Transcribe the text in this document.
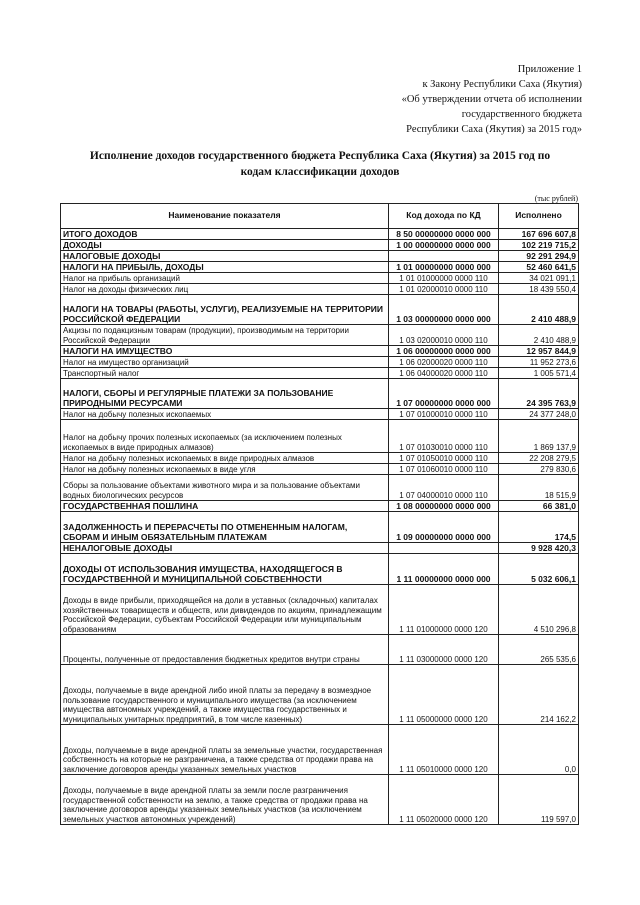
Приложение 1
к Закону Республики Саха (Якутия)
«Об утверждении отчета об исполнении
государственного бюджета
Республики Саха (Якутия) за 2015 год»
Исполнение доходов государственного бюджета Республика Саха (Якутия) за 2015 год по
кодам классификации доходов
(тыс рублей)
Наименование показателя	Код дохода по КД	Исполнено
ИТОГО ДОХОДОВ	8 50 00000000 0000 000	167 696 607,8
ДОХОДЫ	1 00 00000000 0000 000	102 219 715,2
НАЛОГОВЫЕ ДОХОДЫ		92 291 294,9
НАЛОГИ НА ПРИБЫЛЬ, ДОХОДЫ	1 01 00000000 0000 000	52 460 641,5
Налог на прибыль организаций	1 01 01000000 0000 110	34 021 091,1
Налог на доходы физических лиц	1 01 02000010 0000 110	18 439 550,4
НАЛОГИ НА ТОВАРЫ (РАБОТЫ, УСЛУГИ), РЕАЛИЗУЕМЫЕ НА ТЕРРИТОРИИ РОССИЙСКОЙ ФЕДЕРАЦИИ	1 03 00000000 0000 000	2 410 488,9
Акцизы по подакцизным товарам (продукции), производимым на территории Российской Федерации	1 03 02000010 0000 110	2 410 488,9
НАЛОГИ НА ИМУЩЕСТВО	1 06 00000000 0000 000	12 957 844,9
Налог на имущество организаций	1 06 02000020 0000 110	11 952 273,6
Транспортный налог	1 06 04000020 0000 110	1 005 571,4
НАЛОГИ, СБОРЫ И РЕГУЛЯРНЫЕ ПЛАТЕЖИ ЗА ПОЛЬЗОВАНИЕ ПРИРОДНЫМИ РЕСУРСАМИ	1 07 00000000 0000 000	24 395 763,9
Налог на добычу полезных ископаемых	1 07 01000010 0000 110	24 377 248,0
Налог на добычу прочих полезных ископаемых (за исключением полезных ископаемых в виде природных алмазов)	1 07 01030010 0000 110	1 869 137,9
Налог на добычу полезных ископаемых в виде природных алмазов	1 07 01050010 0000 110	22 208 279,5
Налог на добычу полезных ископаемых в виде угля	1 07 01060010 0000 110	279 830,6
Сборы за пользование объектами животного мира и за пользование объектами водных биологических ресурсов	1 07 04000010 0000 110	18 515,9
ГОСУДАРСТВЕННАЯ ПОШЛИНА	1 08 00000000 0000 000	66 381,0
ЗАДОЛЖЕННОСТЬ И ПЕРЕРАСЧЕТЫ ПО ОТМЕНЕННЫМ НАЛОГАМ, СБОРАМ И ИНЫМ ОБЯЗАТЕЛЬНЫМ ПЛАТЕЖАМ	1 09 00000000 0000 000	174,5
НЕНАЛОГОВЫЕ ДОХОДЫ		9 928 420,3
ДОХОДЫ ОТ ИСПОЛЬЗОВАНИЯ ИМУЩЕСТВА, НАХОДЯЩЕГОСЯ В ГОСУДАРСТВЕННОЙ И МУНИЦИПАЛЬНОЙ СОБСТВЕННОСТИ	1 11 00000000 0000 000	5 032 606,1
Доходы в виде прибыли, приходящейся на доли в уставных (складочных) капиталах хозяйственных товариществ и обществ, или дивидендов по акциям, принадлежащим Российской Федерации, субъектам Российской Федерации или муниципальным образованиям	1 11 01000000 0000 120	4 510 296,8
Проценты, полученные от предоставления бюджетных кредитов внутри страны	1 11 03000000 0000 120	265 535,6
Доходы, получаемые в виде арендной либо иной платы за передачу в возмездное пользование государственного и муниципального имущества (за исключением имущества автономных учреждений, а также имущества государственных и муниципальных унитарных предприятий, в том числе казенных)	1 11 05000000 0000 120	214 162,2
Доходы, получаемые в виде арендной платы за земельные участки, государственная собственность на которые не разграничена, а также средства от продажи права на заключение договоров аренды указанных земельных участков	1 11 05010000 0000 120	0,0
Доходы, получаемые в виде арендной платы за земли после разграничения государственной собственности на землю, а также средства от продажи права на заключение договоров аренды указанных земельных участков (за исключением земельных участков автономных учреждений)	1 11 05020000 0000 120	119 597,0
